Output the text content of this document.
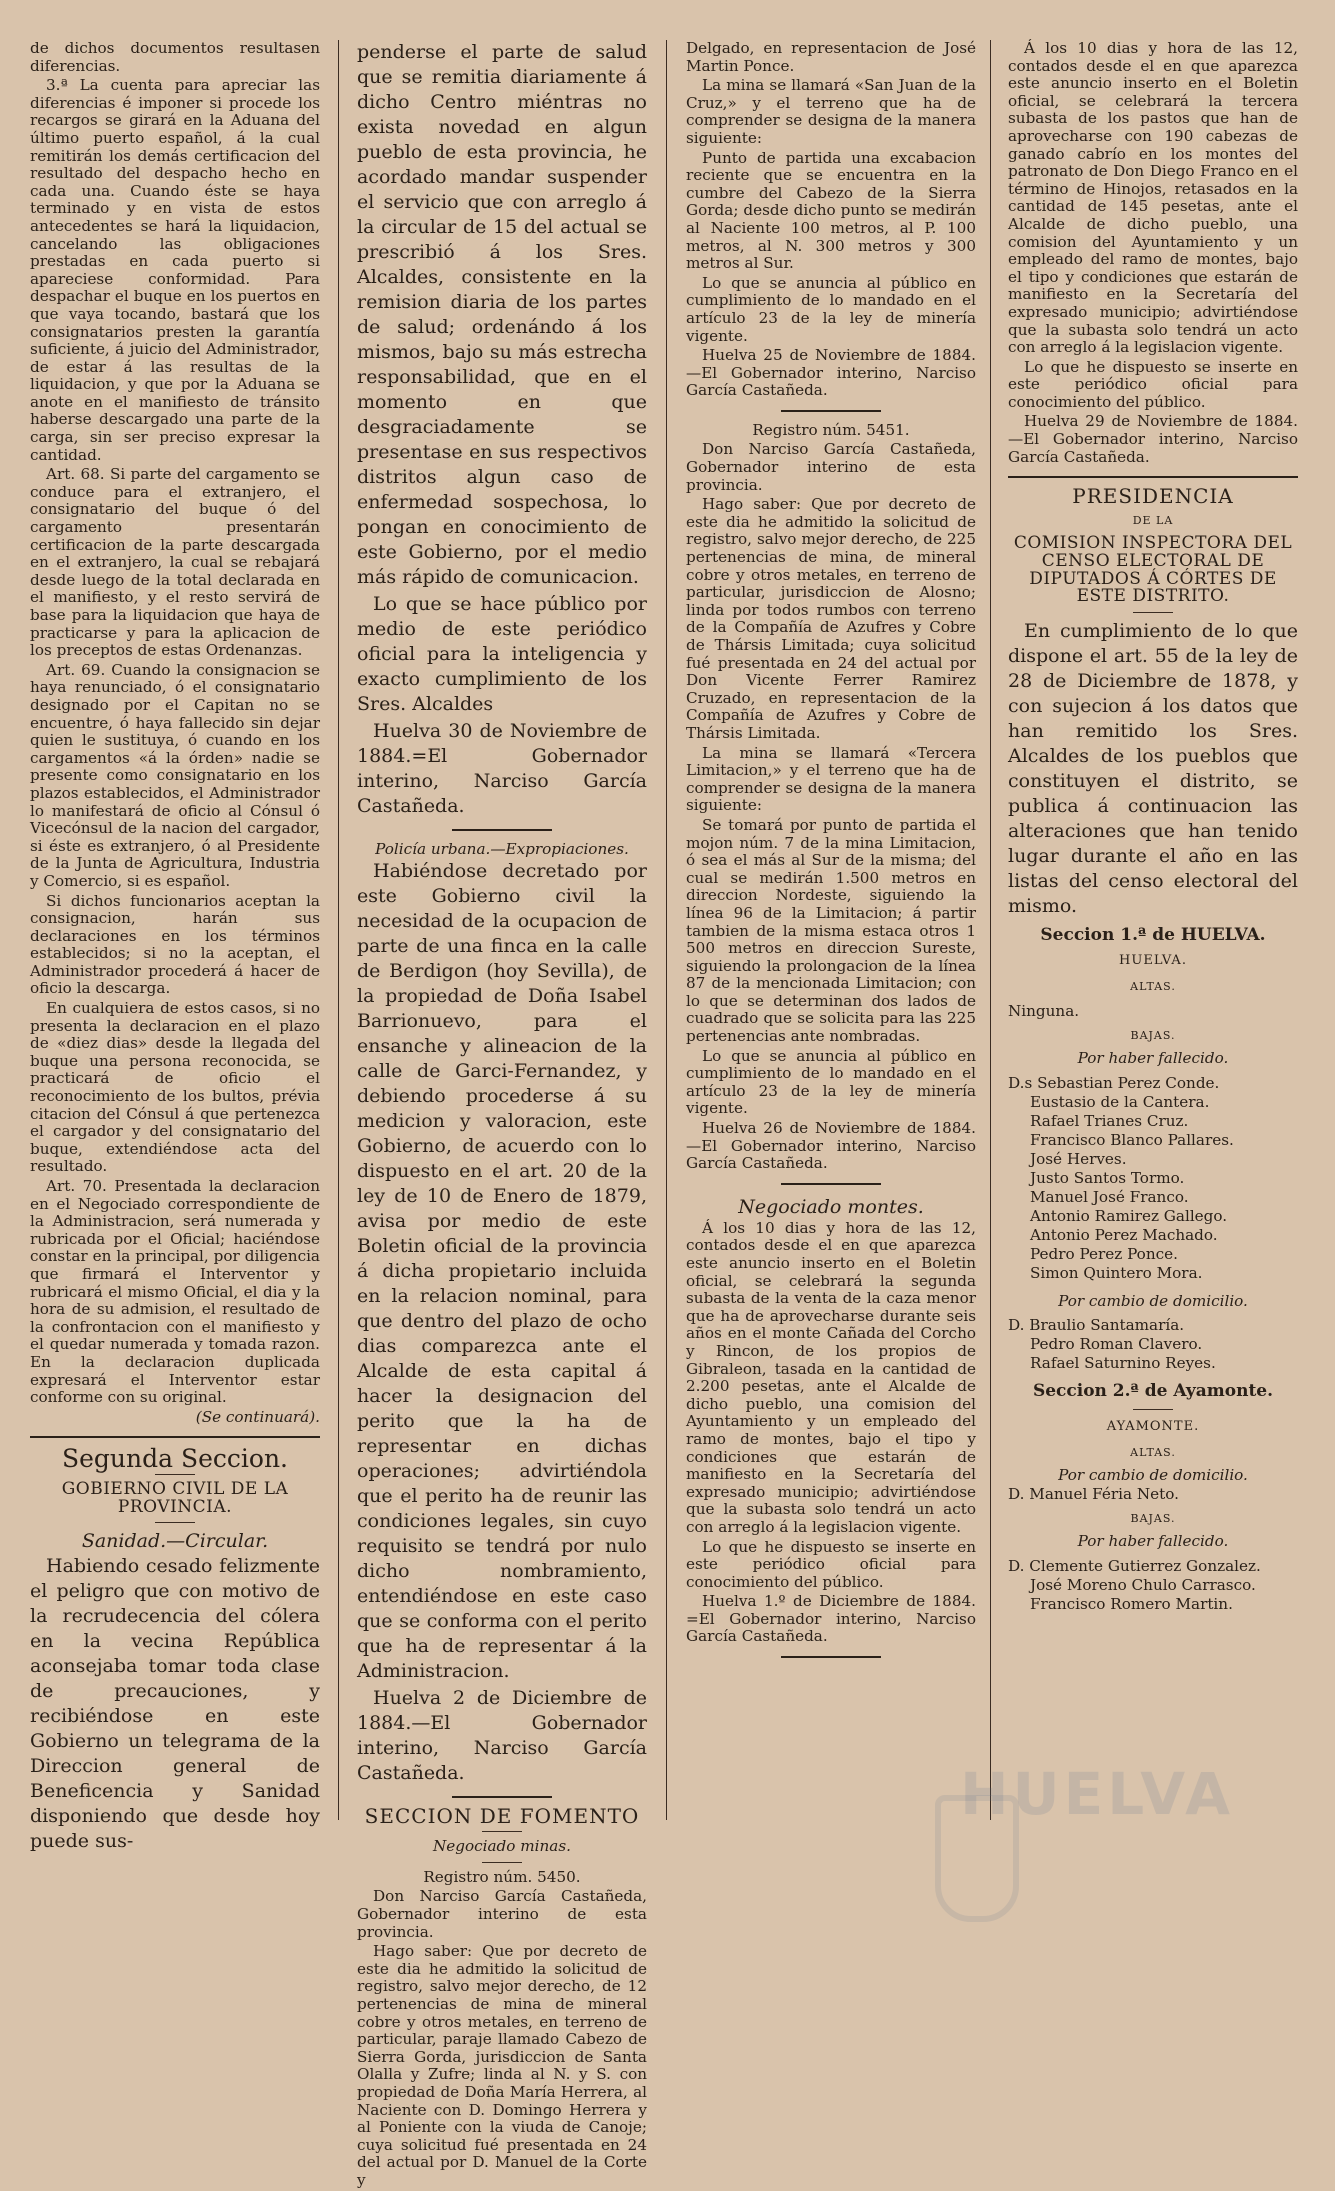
de dichos documentos resultasen diferencias.

3.ª La cuenta para apreciar las diferencias é imponer si procede los recargos se girará en la Aduana del último puerto español, á la cual remitirán los demás certificacion del resultado del despacho hecho en cada una. Cuando éste se haya terminado y en vista de estos antecedentes se hará la liquidacion, cancelando las obligaciones prestadas en cada puerto si apareciese conformidad. Para despachar el buque en los puertos en que vaya tocando, bastará que los consignatarios presten la garantía suficiente, á juicio del Administrador, de estar á las resultas de la liquidacion, y que por la Aduana se anote en el manifiesto de tránsito haberse descargado una parte de la carga, sin ser preciso expresar la cantidad.

Art. 68. Si parte del cargamento se conduce para el extranjero, el consignatario del buque ó del cargamento presentarán certificacion de la parte descargada en el extranjero, la cual se rebajará desde luego de la total declarada en el manifiesto, y el resto servirá de base para la liquidacion que haya de practicarse y para la aplicacion de los preceptos de estas Ordenanzas.

Art. 69. Cuando la consignacion se haya renunciado, ó el consignatario designado por el Capitan no se encuentre, ó haya fallecido sin dejar quien le sustituya, ó cuando en los cargamentos «á la órden» nadie se presente como consignatario en los plazos establecidos, el Administrador lo manifestará de oficio al Cónsul ó Vicecónsul de la nacion del cargador, si éste es extranjero, ó al Presidente de la Junta de Agricultura, Industria y Comercio, si es español.

Si dichos funcionarios aceptan la consignacion, harán sus declaraciones en los términos establecidos; si no la aceptan, el Administrador procederá á hacer de oficio la descarga.

En cualquiera de estos casos, si no presenta la declaracion en el plazo de «diez dias» desde la llegada del buque una persona reconocida, se practicará de oficio el reconocimiento de los bultos, prévia citacion del Cónsul á que pertenezca el cargador y del consignatario del buque, extendiéndose acta del resultado.

Art. 70. Presentada la declaracion en el Negociado correspondiente de la Administracion, será numerada y rubricada por el Oficial; haciéndose constar en la principal, por diligencia que firmará el Interventor y rubricará el mismo Oficial, el dia y la hora de su admision, el resultado de la confrontacion con el manifiesto y el quedar numerada y tomada razon. En la declaracion duplicada expresará el Interventor estar conforme con su original.

(Se continuará).

Segunda Seccion.
GOBIERNO CIVIL DE LA PROVINCIA.
Sanidad.—Circular.

Habiendo cesado felizmente el peligro que con motivo de la recrudecencia del cólera en la vecina República aconsejaba tomar toda clase de precauciones, y recibiéndose en este Gobierno un telegrama de la Direccion general de Beneficencia y Sanidad disponiendo que desde hoy puede sus-

penderse el parte de salud que se remitia diariamente á dicho Centro miéntras no exista novedad en algun pueblo de esta provincia, he acordado mandar suspender el servicio que con arreglo á la circular de 15 del actual se prescribió á los Sres. Alcaldes, consistente en la remision diaria de los partes de salud; ordenándo á los mismos, bajo su más estrecha responsabilidad, que en el momento en que desgraciadamente se presentase en sus respectivos distritos algun caso de enfermedad sospechosa, lo pongan en conocimiento de este Gobierno, por el medio más rápido de comunicacion.

Lo que se hace público por medio de este periódico oficial para la inteligencia y exacto cumplimiento de los Sres. Alcaldes

Huelva 30 de Noviembre de 1884.=El Gobernador interino, Narciso García Castañeda.

Policía urbana.—Expropiaciones.

Habiéndose decretado por este Gobierno civil la necesidad de la ocupacion de parte de una finca en la calle de Berdigon (hoy Sevilla), de la propiedad de Doña Isabel Barrionuevo, para el ensanche y alineacion de la calle de Garci-Fernandez, y debiendo procederse á su medicion y valoracion, este Gobierno, de acuerdo con lo dispuesto en el art. 20 de la ley de 10 de Enero de 1879, avisa por medio de este Boletin oficial de la provincia á dicha propietario incluida en la relacion nominal, para que dentro del plazo de ocho dias comparezca ante el Alcalde de esta capital á hacer la designacion del perito que la ha de representar en dichas operaciones; advirtiéndola que el perito ha de reunir las condiciones legales, sin cuyo requisito se tendrá por nulo dicho nombramiento, entendiéndose en este caso que se conforma con el perito que ha de representar á la Administracion.

Huelva 2 de Diciembre de 1884.—El Gobernador interino, Narciso García Castañeda.

SECCION DE FOMENTO
Negociado minas.

Registro núm. 5450.

Don Narciso García Castañeda, Gobernador interino de esta provincia.

Hago saber: Que por decreto de este dia he admitido la solicitud de registro, salvo mejor derecho, de 12 pertenencias de mina de mineral cobre y otros metales, en terreno de particular, paraje llamado Cabezo de Sierra Gorda, jurisdiccion de Santa Olalla y Zufre; linda al N. y S. con propiedad de Doña María Herrera, al Naciente con D. Domingo Herrera y al Poniente con la viuda de Canoje; cuya solicitud fué presentada en 24 del actual por D. Manuel de la Corte y

Delgado, en representacion de José Martin Ponce.

La mina se llamará «San Juan de la Cruz,» y el terreno que ha de comprender se designa de la manera siguiente:

Punto de partida una excabacion reciente que se encuentra en la cumbre del Cabezo de la Sierra Gorda; desde dicho punto se medirán al Naciente 100 metros, al P. 100 metros, al N. 300 metros y 300 metros al Sur.

Lo que se anuncia al público en cumplimiento de lo mandado en el artículo 23 de la ley de minería vigente.

Huelva 25 de Noviembre de 1884. —El Gobernador interino, Narciso García Castañeda.

Registro núm. 5451.

Don Narciso García Castañeda, Gobernador interino de esta provincia.

Hago saber: Que por decreto de este dia he admitido la solicitud de registro, salvo mejor derecho, de 225 pertenencias de mina, de mineral cobre y otros metales, en terreno de particular, jurisdiccion de Alosno; linda por todos rumbos con terreno de la Compañía de Azufres y Cobre de Thársis Limitada; cuya solicitud fué presentada en 24 del actual por Don Vicente Ferrer Ramirez Cruzado, en representacion de la Compañía de Azufres y Cobre de Thársis Limitada.

La mina se llamará «Tercera Limitacion,» y el terreno que ha de comprender se designa de la manera siguiente:

Se tomará por punto de partida el mojon núm. 7 de la mina Limitacion, ó sea el más al Sur de la misma; del cual se medirán 1.500 metros en direccion Nordeste, siguiendo la línea 96 de la Limitacion; á partir tambien de la misma estaca otros 1 500 metros en direccion Sureste, siguiendo la prolongacion de la línea 87 de la mencionada Limitacion; con lo que se determinan dos lados de cuadrado que se solicita para las 225 pertenencias ante nombradas.

Lo que se anuncia al público en cumplimiento de lo mandado en el artículo 23 de la ley de minería vigente.

Huelva 26 de Noviembre de 1884. —El Gobernador interino, Narciso García Castañeda.

Negociado montes.

Á los 10 dias y hora de las 12, contados desde el en que aparezca este anuncio inserto en el Boletin oficial, se celebrará la segunda subasta de la venta de la caza menor que ha de aprovecharse durante seis años en el monte Cañada del Corcho y Rincon, de los propios de Gibraleon, tasada en la cantidad de 2.200 pesetas, ante el Alcalde de dicho pueblo, una comision del Ayuntamiento y un empleado del ramo de montes, bajo el tipo y condiciones que estarán de manifiesto en la Secretaría del expresado municipio; advirtiéndose que la subasta solo tendrá un acto con arreglo á la legislacion vigente.

Lo que he dispuesto se inserte en este periódico oficial para conocimiento del público.

Huelva 1.º de Diciembre de 1884. =El Gobernador interino, Narciso García Castañeda.

Á los 10 dias y hora de las 12, contados desde el en que aparezca este anuncio inserto en el Boletin oficial, se celebrará la tercera subasta de los pastos que han de aprovecharse con 190 cabezas de ganado cabrío en los montes del patronato de Don Diego Franco en el término de Hinojos, retasados en la cantidad de 145 pesetas, ante el Alcalde de dicho pueblo, una comision del Ayuntamiento y un empleado del ramo de montes, bajo el tipo y condiciones que estarán de manifiesto en la Secretaría del expresado municipio; advirtiéndose que la subasta solo tendrá un acto con arreglo á la legislacion vigente.

Lo que he dispuesto se inserte en este periódico oficial para conocimiento del público.

Huelva 29 de Noviembre de 1884. —El Gobernador interino, Narciso García Castañeda.

PRESIDENCIA
DE LA
COMISION INSPECTORA DEL CENSO ELECTORAL DE DIPUTADOS Á CÓRTES DE ESTE DISTRITO.

En cumplimiento de lo que dispone el art. 55 de la ley de 28 de Diciembre de 1878, y con sujecion á los datos que han remitido los Sres. Alcaldes de los pueblos que constituyen el distrito, se publica á continuacion las alteraciones que han tenido lugar durante el año en las listas del censo electoral del mismo.

Seccion 1.ª de HUELVA.
HUELVA.
ALTAS.

Ninguna.

BAJAS.
Por haber fallecido.

D.s Sebastian Perez Conde.

Eustasio de la Cantera.

Rafael Trianes Cruz.

Francisco Blanco Pallares.

José Herves.

Justo Santos Tormo.

Manuel José Franco.

Antonio Ramirez Gallego.

Antonio Perez Machado.

Pedro Perez Ponce.

Simon Quintero Mora.

Por cambio de domicilio.

D. Braulio Santamaría.

Pedro Roman Clavero.

Rafael Saturnino Reyes.

Seccion 2.ª de Ayamonte.
AYAMONTE.
ALTAS.
Por cambio de domicilio.

D. Manuel Féria Neto.

BAJAS.
Por haber fallecido.

D. Clemente Gutierrez Gonzalez.

José Moreno Chulo Carrasco.

Francisco Romero Martin.

HUELVA
